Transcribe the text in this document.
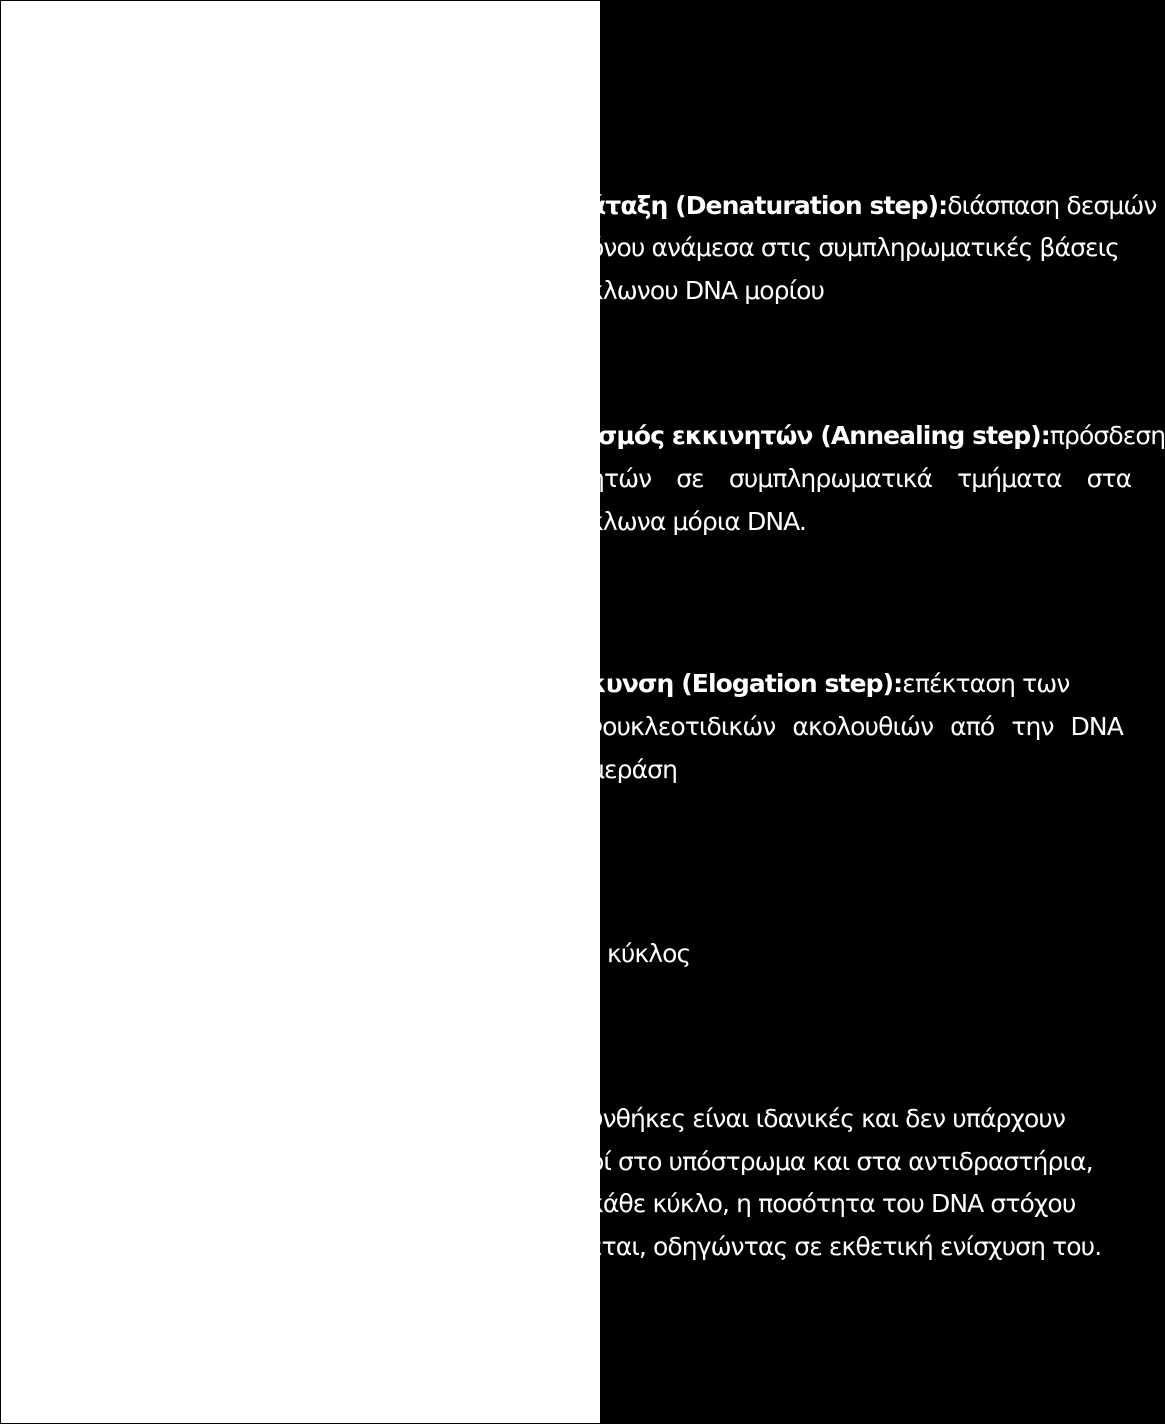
άταξη (Denaturation step): διάσπαση δεσμών
όνου ανάμεσα στις συμπληρωματικές βάσεις
κλωνου DNA μορίου
ισμός εκκινητών (Annealing step): πρόσδεση
ητών σε συμπληρωματικά τμήματα στα
κλωνα μόρια DNA.
κυνση (Elogation step): επέκταση των
νουκλεοτιδικών ακολουθιών από την DNA
μεράση
κύκλος
υνθήκες είναι ιδανικές και δεν υπάρχουν
οί στο υπόστρωμα και στα αντιδραστήρια,
κάθε κύκλο, η ποσότητα του DNA στόχου
εται, οδηγώντας σε εκθετική ενίσχυση του.
